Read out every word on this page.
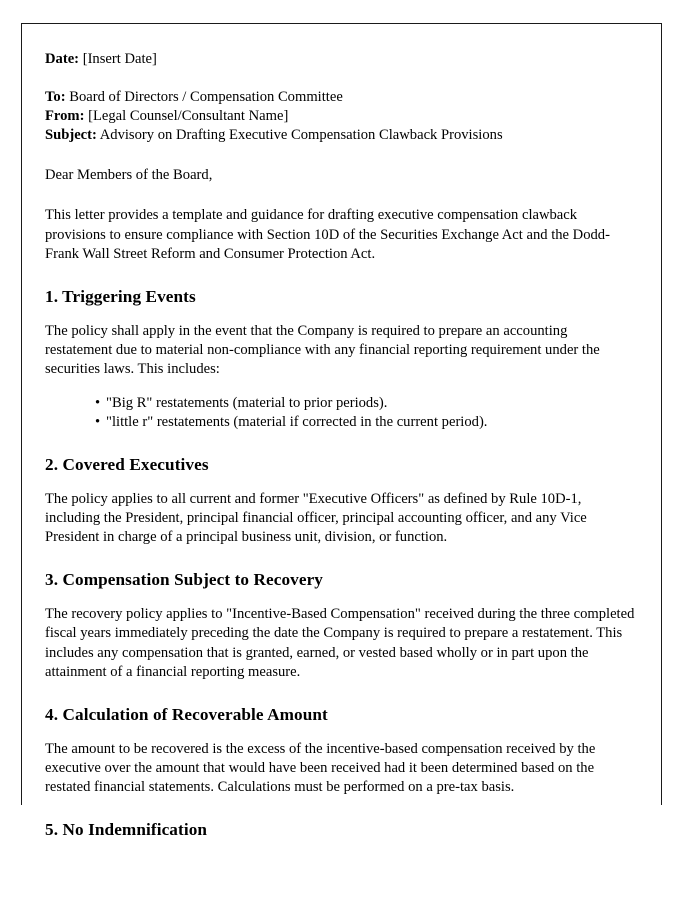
Date: [Insert Date]

To: Board of Directors / Compensation Committee

From: [Legal Counsel/Consultant Name]

Subject: Advisory on Drafting Executive Compensation Clawback Provisions

Dear Members of the Board,

This letter provides a template and guidance for drafting executive compensation clawback provisions to ensure compliance with Section 10D of the Securities Exchange Act and the Dodd-Frank Wall Street Reform and Consumer Protection Act.

1. Triggering Events

The policy shall apply in the event that the Company is required to prepare an accounting restatement due to material non-compliance with any financial reporting requirement under the securities laws. This includes:

• "Big R" restatements (material to prior periods).
• "little r" restatements (material if corrected in the current period).
2. Covered Executives

The policy applies to all current and former "Executive Officers" as defined by Rule 10D-1, including the President, principal financial officer, principal accounting officer, and any Vice President in charge of a principal business unit, division, or function.

3. Compensation Subject to Recovery

The recovery policy applies to "Incentive-Based Compensation" received during the three completed fiscal years immediately preceding the date the Company is required to prepare a restatement. This includes any compensation that is granted, earned, or vested based wholly or in part upon the attainment of a financial reporting measure.

4. Calculation of Recoverable Amount

The amount to be recovered is the excess of the incentive-based compensation received by the executive over the amount that would have been received had it been determined based on the restated financial statements. Calculations must be performed on a pre-tax basis.

5. No Indemnification
